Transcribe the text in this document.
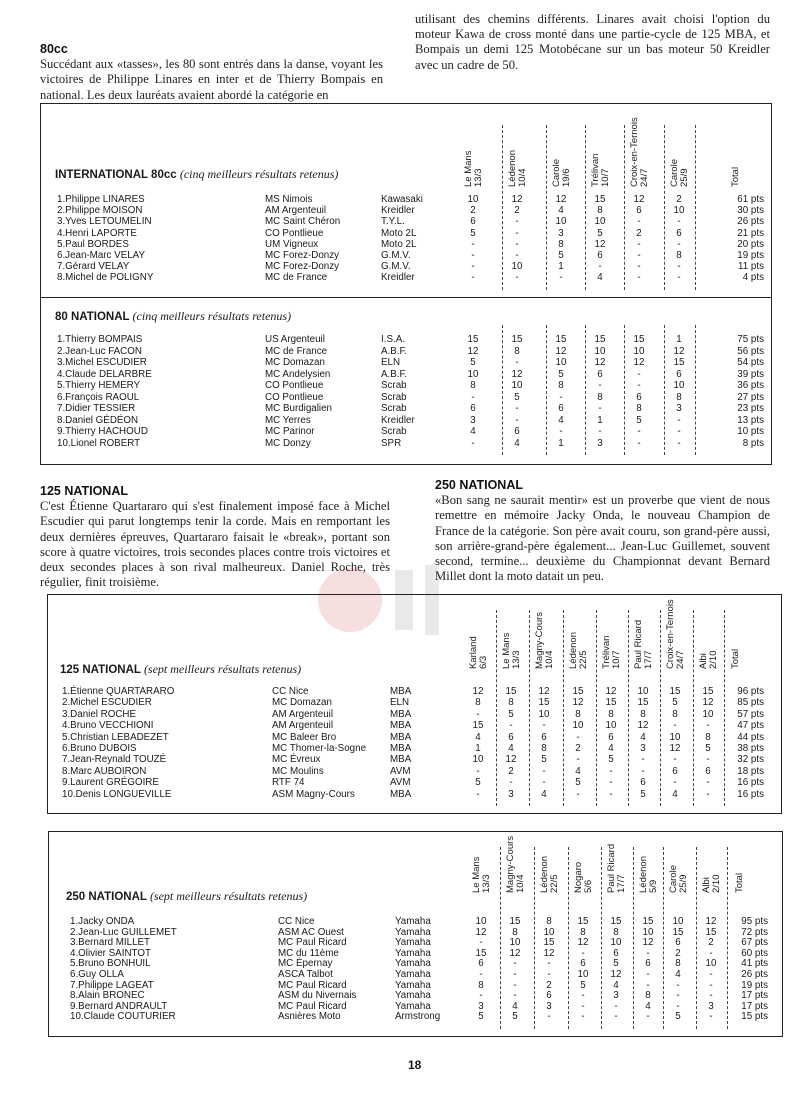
80cc
Succédant aux «tasses», les 80 sont entrés dans la danse, voyant les victoires de Philippe Linares en inter et de Thierry Bompais en national. Les deux lauréats avaient abordé la catégorie en
utilisant des chemins différents. Linares avait choisi l'option du moteur Kawa de cross monté dans une partie-cycle de 125 MBA, et Bompais un demi 125 Motobécane sur un bas moteur 50 Kreidler avec un cadre de 50.
INTERNATIONAL 80cc (cinq meilleurs résultats retenus)	Le Mans 13/3 Lédenon 10/4 Carole 19/6 Trélivan 10/7 Croix-en-Ternois 24/7 Carole 25/9	Total
1.Philippe LINARES	MS Nimois	Kawasaki	10	12	12	15	12	2	61 pts
2.Philippe MOISON	AM Argenteuil	Kreidler	2	2	4	8	6	10	30 pts
3.Yves LETOUMELIN	MC Saint Chéron	T.Y.L.	6	-	10	10	-	-	26 pts
4.Henri LAPORTE	CO Pontlieue	Moto 2L	5	-	3	5	2	6	21 pts
5.Paul BORDES	UM Vigneux	Moto 2L	-	-	8	12	-	-	20 pts
6.Jean-Marc VELAY	MC Forez-Donzy	G.M.V.	-	-	5	6	-	8	19 pts
7.Gérard VELAY	MC Forez-Donzy	G.M.V.	-	10	1	-	-	-	11 pts
8.Michel de POLIGNY	MC de France	Kreidler	-	-	-	4	-	-	4 pts
80 NATIONAL (cinq meilleurs résultats retenus)
1.Thierry BOMPAIS	US Argenteuil	I.S.A.	15	15	15	15	15	1	75 pts
2.Jean-Luc FACON	MC de France	A.B.F.	12	8	12	10	10	12	56 pts
3.Michel ESCUDIER	MC Domazan	ELN	5	-	10	12	12	15	54 pts
4.Claude DELARBRE	MC Andelysien	A.B.F.	10	12	5	6	-	6	39 pts
5.Thierry HEMERY	CO Pontlieue	Scrab	8	10	8	-	-	10	36 pts
6.François RAOUL	CO Pontlieue	Scrab	-	5	-	8	6	8	27 pts
7.Didier TESSIER	MC Burdigalien	Scrab	6	-	6	-	8	3	23 pts
8.Daniel GÉDÉON	MC Yerres	Kreidler	3	-	4	1	5	-	13 pts
9.Thierry HACHOUD	MC Parinor	Scrab	4	6	-	-	-	-	10 pts
10.Lionel ROBERT	MC Donzy	SPR	-	4	1	3	-	-	8 pts
125 NATIONAL
C'est Étienne Quartararo qui s'est finalement imposé face à Michel Escudier qui parut longtemps tenir la corde. Mais en remportant les deux dernières épreuves, Quartararo faisait le «break», portant son score à quatre victoires, trois secondes places contre trois victoires et deux secondes places à son rival malheureux. Daniel Roche, très régulier, finit troisième.
250 NATIONAL
«Bon sang ne saurait mentir» est un proverbe que vient de nous remettre en mémoire Jacky Onda, le nouveau Champion de France de la catégorie. Son père avait couru, son grand-père aussi, son arrière-grand-père également... Jean-Luc Guillemet, souvent second, termine... deuxième du Championnat devant Bernard Millet dont la moto datait un peu.
125 NATIONAL (sept meilleurs résultats retenus)	Karland 6/3 Le Mans 13/3 Magny-Cours 10/4 Lédenon 22/5 Trélivan 10/7 Paul Ricard 17/7 Croix-en-Ternois 24/7 Albi 2/10 Total
1.Étienne QUARTARARO	CC Nice	MBA	12	15	12	15	12	10	15	15	96 pts
2.Michel ESCUDIER	MC Domazan	ELN	8	8	15	12	15	15	5	12	85 pts
3.Daniel ROCHE	AM Argenteuil	MBA	-	5	10	8	8	8	8	10	57 pts
4.Bruno VECCHIONI	AM Argenteuil	MBA	15	-	-	10	10	12	-	-	47 pts
5.Christian LEBADEZET	MC Baleer Bro	MBA	4	6	6	-	6	4	10	8	44 pts
6.Bruno DUBOIS	MC Thomer-la-Sogne MBA	1	4	8	2	4	3	12	5	38 pts
7.Jean-Reynald TOUZÉ	MC Évreux	MBA	10	12	5	-	5	-	-	-	32 pts
8.Marc AUBOIRON	MC Moulins	AVM	-	2	-	4	-	-	6	6	18 pts
9.Laurent GRÉGOIRE	RTF 74	AVM	5	-	-	5	-	6	-	-	16 pts
10.Denis LONGUEVILLE	ASM Magny-Cours	MBA	-	3	4	-	-	5	4	-	16 pts
250 NATIONAL (sept meilleurs résultats retenus)
Le Mans 13/3 Magny-Cours 10/4 Lédenon 22/5 Nogaro 5/6 Paul Ricard 17/7 Lédenon 5/9 Carole 25/9 Albi 2/10 Total
1.Jacky ONDA	CC Nice	Yamaha	10	15	8	15	15	15	10	12	95 pts
2.Jean-Luc GUILLEMET	ASM AC Ouest	Yamaha	12	8	10	8	8	10	15	15	72 pts
3.Bernard MILLET	MC Paul Ricard	Yamaha	-	10	15	12	10	12	6	2	67 pts
4.Olivier SAINTOT	MC du 11ème	Yamaha	15	12	12	-	6	-	2	-	60 pts
5.Bruno BONHUIL	MC Épernay	Yamaha	6	-	-	6	5	6	8	10	41 pts
6.Guy OLLA	ASCA Talbot	Yamaha	-	-	-	10	12	-	4	-	26 pts
7.Philippe LAGEAT	MC Paul Ricard	Yamaha	8	-	2	5	4	-	-	-	19 pts
8.Alain BRONEC	ASM du Nivernais	Yamaha	-	-	6	-	3	8	-	-	17 pts
9.Bernard ANDRAULT	MC Paul Ricard	Yamaha	3	4	3	-	-	4	-	3	17 pts
10.Claude COUTURIER	Asnières Moto	Armstrong	5	5	-	-	-	-	5	-	15 pts
18
